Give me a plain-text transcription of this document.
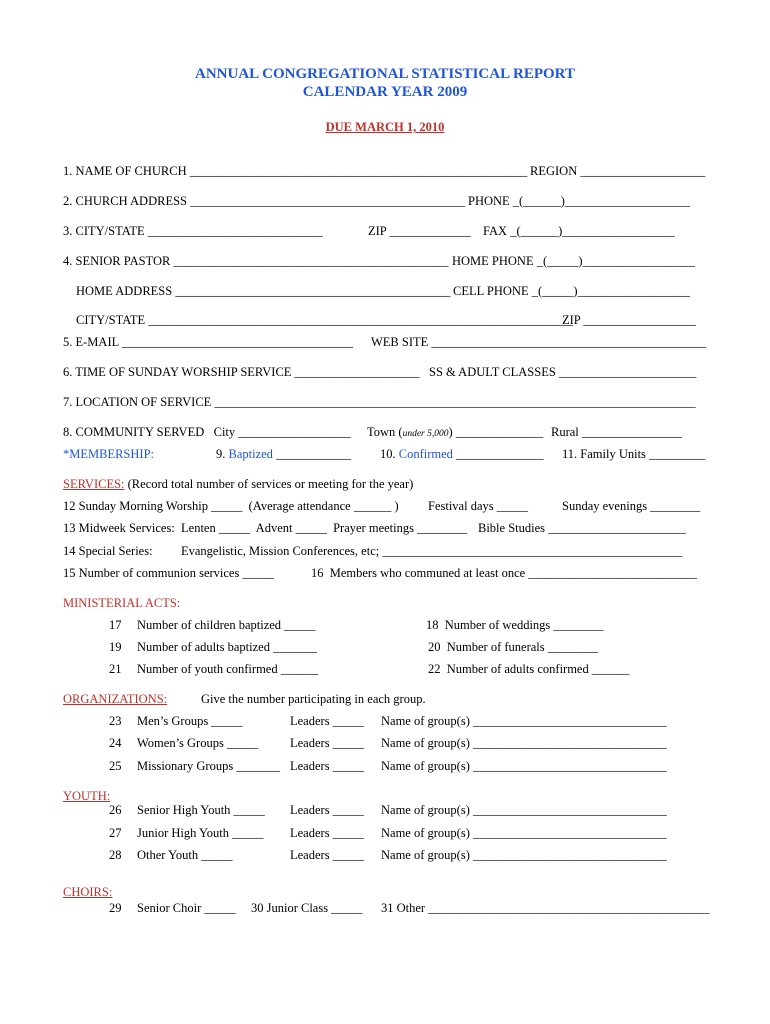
ANNUAL CONGREGATIONAL STATISTICAL REPORT
CALENDAR YEAR 2009
DUE MARCH 1, 2010
1. NAME OF CHURCH ______________________________________________________ REGION ____________________
2. CHURCH ADDRESS ____________________________________________ PHONE _(______)____________________
3. CITY/STATE ____________________________	ZIP _____________ FAX _(______)__________________
4. SENIOR PASTOR ____________________________________________ HOME PHONE _(_____)__________________
HOME ADDRESS ____________________________________________ CELL PHONE _(_____)__________________
CITY/STATE ____________________________________________________________________
ZIP __________________
5. E-MAIL _____________________________________ WEB SITE ____________________________________________
6. TIME OF SUNDAY WORSHIP SERVICE ____________________ SS & ADULT CLASSES ______________________
7. LOCATION OF SERVICE _____________________________________________________________________________
8. COMMUNITY SERVED   City __________________ Town (under 5,000) ______________ Rural ________________
*MEMBERSHIP:	9. Baptized ____________ 10. Confirmed ______________ 11. Family Units _________
SERVICES: (Record total number of services or meeting for the year)
12 Sunday Morning Worship _____  (Average attendance ______ ) Festival days _____	Sunday evenings ________
13 Midweek Services:  Lenten _____  Advent _____  Prayer meetings ________ Bible Studies ______________________
14 Special Series: Evangelistic, Mission Conferences, etc; ________________________________________________
15 Number of communion services _____	16  Members who communed at least once ___________________________
MINISTERIAL ACTS:
17 Number of children baptized _____	18  Number of weddings ________
19 Number of adults baptized _______	20  Number of funerals ________
21 Number of youth confirmed ______	22  Number of adults confirmed ______
ORGANIZATIONS:	Give the number participating in each group.
23 Men’s Groups _____	Leaders _____ Name of group(s) _______________________________
24 Women’s Groups _____	Leaders _____ Name of group(s) _______________________________
25 Missionary Groups _______ Leaders _____ Name of group(s) _______________________________
YOUTH:
26 Senior High Youth _____ Leaders _____ Name of group(s) _______________________________
27 Junior High Youth _____ Leaders _____ Name of group(s) _______________________________
28 Other Youth _____	Leaders _____ Name of group(s) _______________________________
CHOIRS:
29 Senior Choir _____ 30 Junior Class _____ 31 Other _____________________________________________
